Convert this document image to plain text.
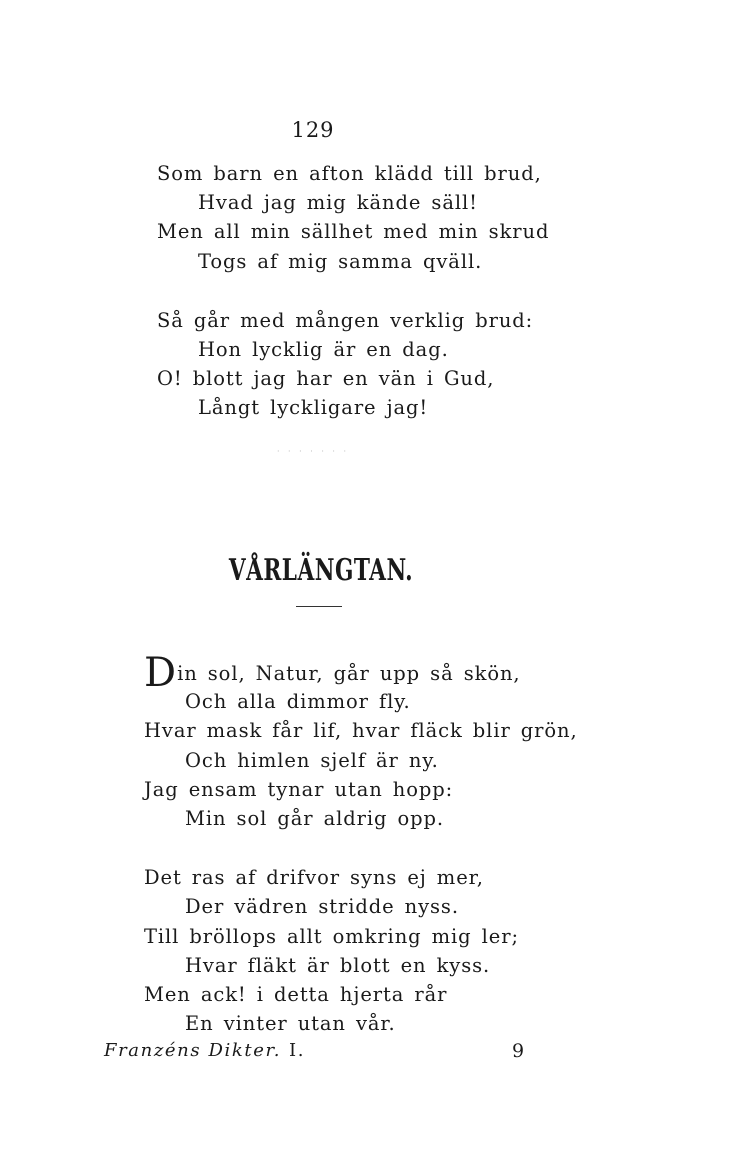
129
Som barn en afton klädd till brud,
Hvad jag mig kände säll!
Men all min sällhet med min skrud
Togs af mig samma qväll.
Så går med mången verklig brud:
Hon lycklig är en dag.
O! blott jag har en vän i Gud,
Långt lyckligare jag!
· · · · · · ·
VÅRLÄNGTAN.
Din sol, Natur, går upp så skön,
Och alla dimmor fly.
Hvar mask får lif, hvar fläck blir grön,
Och himlen sjelf är ny.
Jag ensam tynar utan hopp:
Min sol går aldrig opp.
Det ras af drifvor syns ej mer,
Der vädren stridde nyss.
Till bröllops allt omkring mig ler;
Hvar fläkt är blott en kyss.
Men ack! i detta hjerta rår
En vinter utan vår.
Franzéns Dikter. I.	9
